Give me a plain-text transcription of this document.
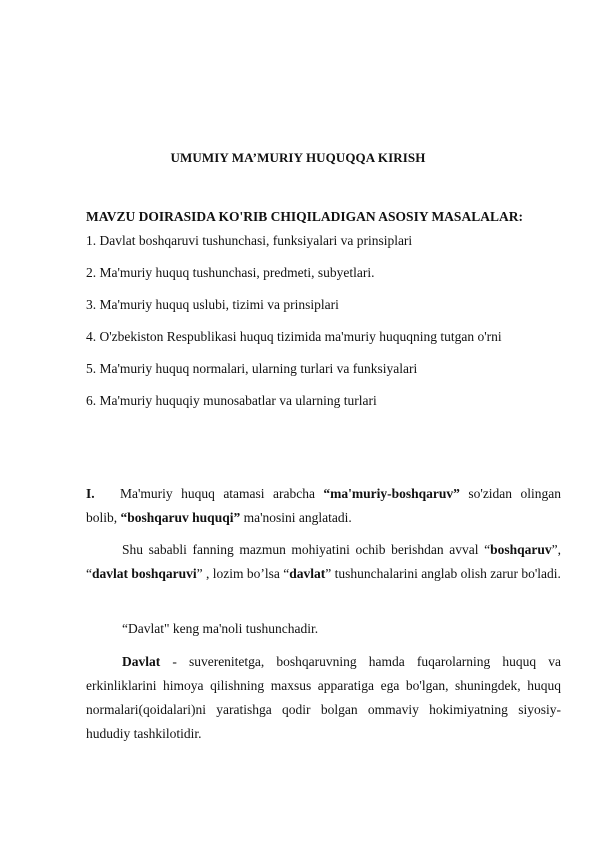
UMUMIY MA’MURIY HUQUQQA KIRISH
MAVZU DOIRASIDA KO'RIB CHIQILADIGAN ASOSIY MASALALAR:
1. Davlat boshqaruvi tushunchasi, funksiyalari va prinsiplari
2. Ma'muriy huquq tushunchasi, predmeti, subyetlari.
3. Ma'muriy huquq uslubi, tizimi va prinsiplari
4. O'zbekiston Respublikasi huquq tizimida ma'muriy huquqning tutgan o'rni
5. Ma'muriy huquq normalari, ularning turlari va funksiyalari
6. Ma'muriy huquqiy munosabatlar va ularning turlari
I. Ma'muriy huquq atamasi arabcha “ma'muriy-boshqaruv” so'zidan olingan bolib, “boshqaruv huquqi” ma'nosini anglatadi.
Shu sababli fanning mazmun mohiyatini ochib berishdan avval “boshqaruv”, “davlat boshqaruvi” , lozim bo’lsa “davlat” tushunchalarini anglab olish zarur bo'ladi.
“Davlat" keng ma'noli tushunchadir.
Davlat - suverenitetga, boshqaruvning hamda fuqarolarning huquq va erkinliklarini himoya qilishning maxsus apparatiga ega bo'lgan, shuningdek, huquq normalari(qoidalari)ni yaratishga qodir bolgan ommaviy hokimiyatning siyosiy-hududiy tashkilotidir.
